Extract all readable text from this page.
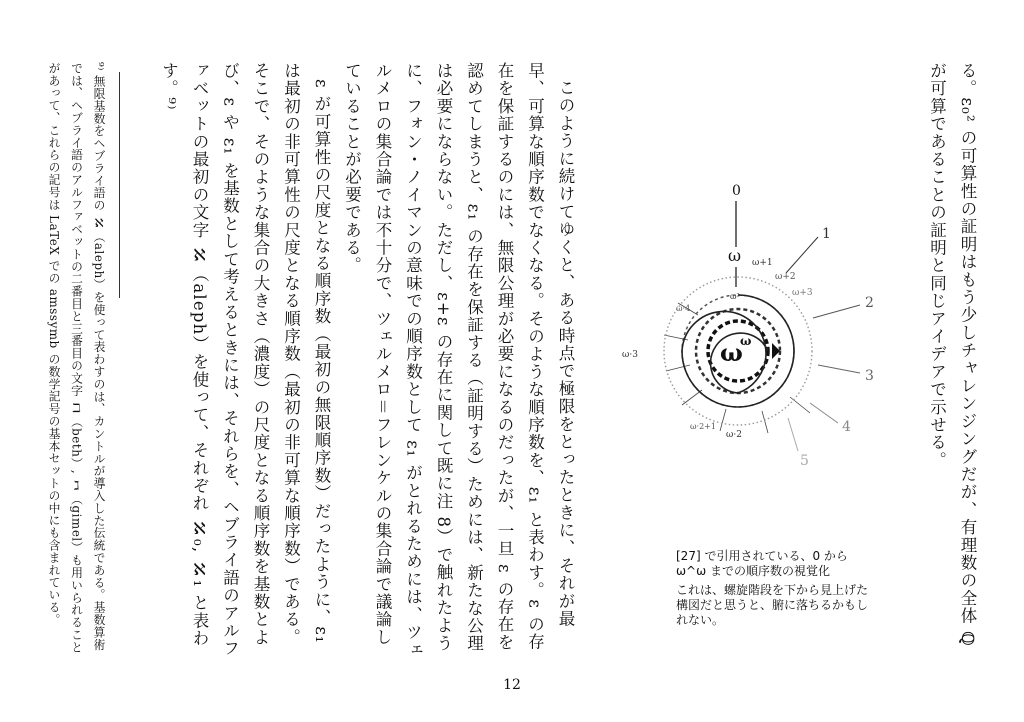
る。ε₀² の可算性の証明はもう少しチャレンジングだが、有理数の全体 ℚ が可算であることの証明と同じアイデアで示せる。
このように続けてゆくと、ある時点で極限をとったときに、それが最早、可算な順序数でなくなる。そのような順序数を、ε₁ と表わす。ε の存在を保証するのには、無限公理が必要になるのだったが、一旦 ε の存在を認めてしまうと、ε₁ の存在を保証する（証明する）ためには、新たな公理は必要にならない。ただし、ε+ε の存在に関して既に注 8）で触れたように、フォン・ノイマンの意味での順序数として ε₁ がとれるためには、ツェルメロの集合論では不十分で、ツェルメロ＝フレンケルの集合論で議論していることが必要である。
ε が可算性の尺度となる順序数（最初の無限順序数）だったように、ε₁ は最初の非可算性の尺度となる順序数（最初の非可算な順序数）である。そこで、そのような集合の大きさ（濃度）の尺度となる順序数を基数とよび、ε や ε₁ を基数として考えるときには、それらを、ヘブライ語のアルファベットの最初の文字 ℵ（aleph）を使って、それぞれ ℵ₀, ℵ₁ と表わす。⁹⁾
⁹⁾ 無限基数をヘブライ語の ℵ（aleph）を使って表わすのは、カントルが導入した伝統である。基数算術では、ヘブライ語のアルファベットの二番目と三番目の文字 ℶ（beth）, ℷ（gimel）も用いられることがあって、これらの記号は LaTeX での amssymb の数学記号の基本セットの中にも含まれている。	0
1
2
3
4
5
ω ω+1
ω+2
ω+3
ω·2
ω·2+1
ω·3
ω·4
ω²
ω
ω

[27] で引用されている、0 から ω^ω までの順序数の視覚化

これは、螺旋階段を下から見上げた構図だと思うと、腑に落ちるかもしれない。

12
